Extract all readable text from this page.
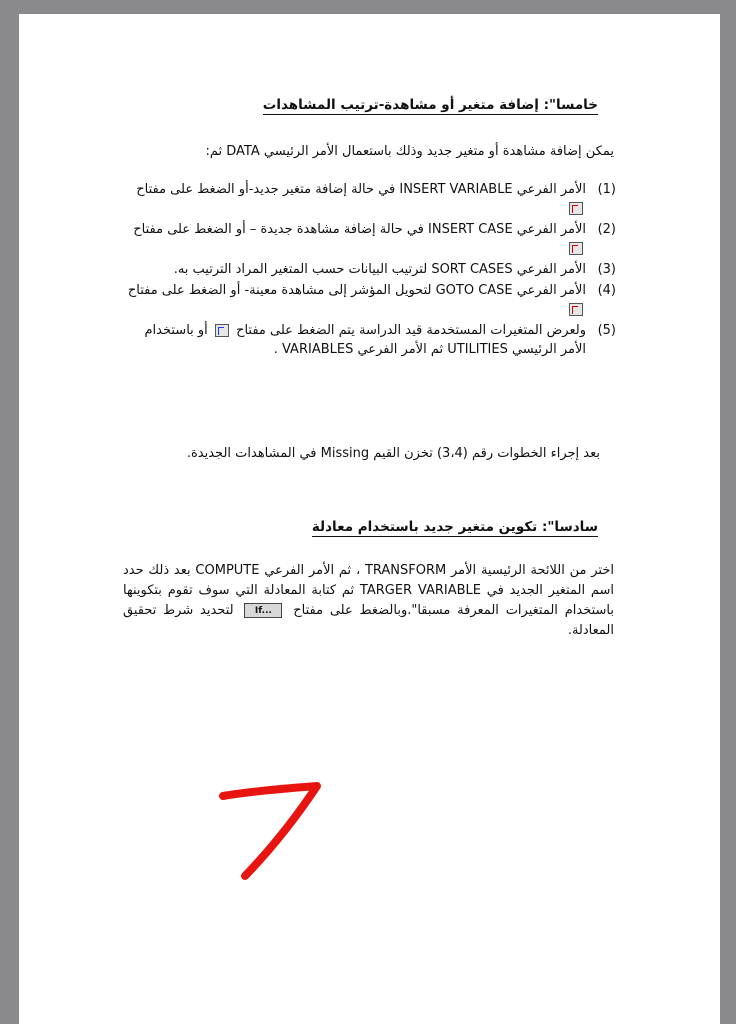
خامسا": إضافة متغير أو مشاهدة-ترتيب المشاهدات
يمكن إضافة مشاهدة أو متغير جديد وذلك باستعمال الأمر الرئيسي DATA ثم:
(1)
الأمر الفرعي INSERT VARIABLE في حالة إضافة متغير جديد-أو الضغط على مفتاح
(2)
الأمر الفرعي INSERT CASE في حالة إضافة مشاهدة جديدة – أو الضغط على مفتاح
(3)
الأمر الفرعي SORT CASES لترتيب البيانات حسب المتغير المراد الترتيب به.
(4)
الأمر الفرعي GOTO CASE لتحويل المؤشر إلى مشاهدة معينة- أو الضغط على مفتاح
(5)
ولعرض المتغيرات المستخدمة قيد الدراسة يتم الضغط على مفتاح  أو باستخدام الأمر الرئيسي UTILITIES ثم الأمر الفرعي VARIABLES .
بعد إجراء الخطوات رقم (3،4) تخزن القيم Missing في المشاهدات الجديدة.
سادسا": تكوين متغير جديد باستخدام معادلة
اختر من اللائحة الرئيسية الأمر TRANSFORM ، ثم الأمر الفرعي COMPUTE بعد ذلك حدد اسم المتغير الجديد في TARGER VARIABLE ثم كتابة المعادلة التي سوف تقوم بتكوينها باستخدام المتغيرات المعرفة مسبقا".وبالضغط على مفتاح If... لتحديد شرط تحقيق المعادلة.
